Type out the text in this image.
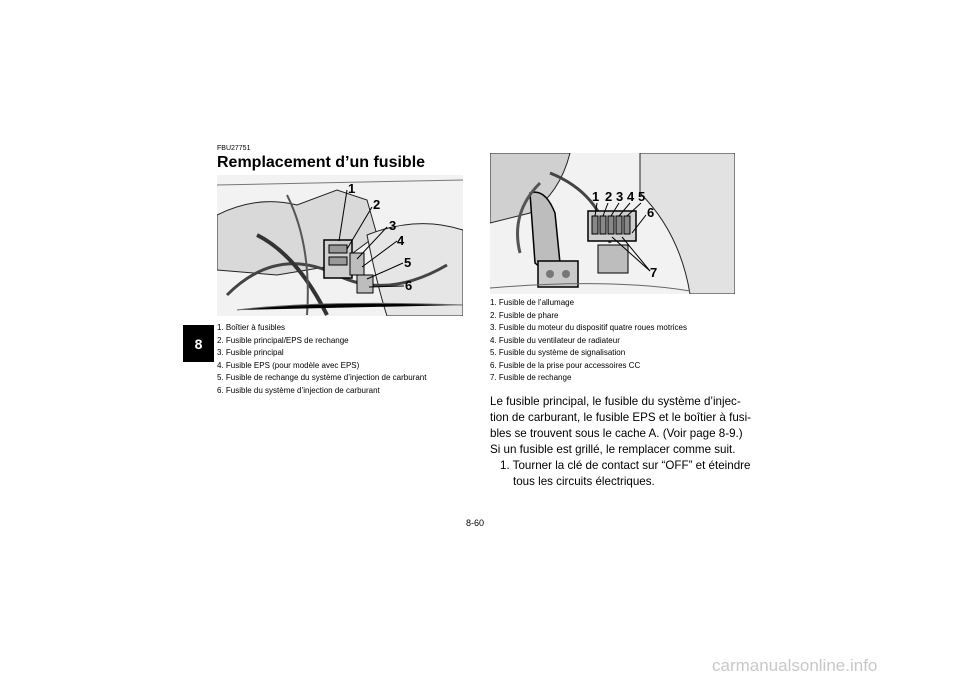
8
FBU27751
Remplacement d’un fusible
1
2
3
4
5
6
1. Boîtier à fusibles
2. Fusible principal/EPS de rechange
3. Fusible principal
4. Fusible EPS (pour modèle avec EPS)
5. Fusible de rechange du système d’injection de carburant
6. Fusible du système d’injection de carburant
1 2 3 4 5
6
7
1. Fusible de l’allumage
2. Fusible de phare
3. Fusible du moteur du dispositif quatre roues motrices
4. Fusible du ventilateur de radiateur
5. Fusible du système de signalisation
6. Fusible de la prise pour accessoires CC
7. Fusible de rechange

Le fusible principal, le fusible du système d’injec-

tion de carburant, le fusible EPS et le boîtier à fusi-

bles se trouvent sous le cache A. (Voir page 8-9.)

Si un fusible est grillé, le remplacer comme suit.

1. Tourner la clé de contact sur “OFF” et éteindre

tous les circuits électriques.

8-60
carmanualsonline.info
